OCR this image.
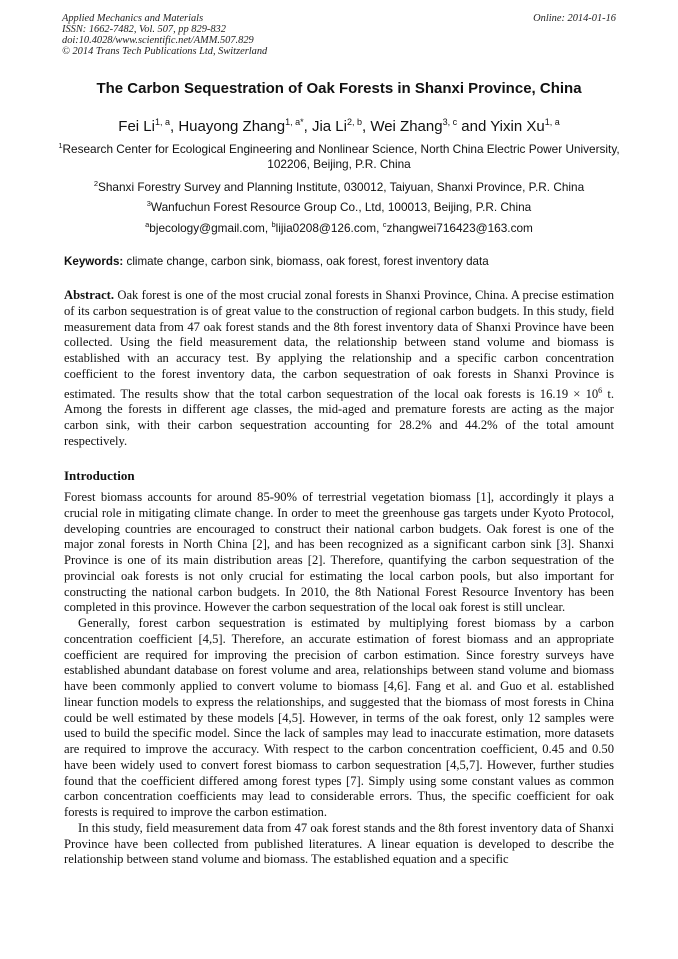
Applied Mechanics and Materials
ISSN: 1662-7482, Vol. 507, pp 829-832
doi:10.4028/www.scientific.net/AMM.507.829
© 2014 Trans Tech Publications Ltd, Switzerland
Online: 2014-01-16
The Carbon Sequestration of Oak Forests in Shanxi Province, China
Fei Li$^{1, a}$, Huayong Zhang$^{1, a*}$, Jia Li$^{2, b}$, Wei Zhang$^{3, c}$ and Yixin Xu$^{1, a}$
$^1$Research Center for Ecological Engineering and Nonlinear Science, North China Electric Power University, 102206, Beijing, P.R. China
$^2$Shanxi Forestry Survey and Planning Institute, 030012, Taiyuan, Shanxi Province, P.R. China
$^3$Wanfuchun Forest Resource Group Co., Ltd, 100013, Beijing, P.R. China
$^a$bjecology@gmail.com, $^b$lijia0208@126.com, $^c$zhangwei716423@163.com
Keywords: climate change, carbon sink, biomass, oak forest, forest inventory data

Abstract. Oak forest is one of the most crucial zonal forests in Shanxi Province, China. A precise estimation of its carbon sequestration is of great value to the construction of regional carbon budgets. In this study, field measurement data from 47 oak forest stands and the 8th forest inventory data of Shanxi Province have been collected. Using the field measurement data, the relationship between stand volume and biomass is established with an accuracy test. By applying the relationship and a specific carbon concentration coefficient to the forest inventory data, the carbon sequestration of oak forests in Shanxi Province is estimated. The results show that the total carbon sequestration of the local oak forests is $16.19 \times 10^6$ t. Among the forests in different age classes, the mid-aged and premature forests are acting as the major carbon sink, with their carbon sequestration accounting for 28.2% and 44.2% of the total amount respectively.

Introduction

Forest biomass accounts for around 85-90% of terrestrial vegetation biomass [1], accordingly it plays a crucial role in mitigating climate change. In order to meet the greenhouse gas targets under Kyoto Protocol, developing countries are encouraged to construct their national carbon budgets. Oak forest is one of the major zonal forests in North China [2], and has been recognized as a significant carbon sink [3]. Shanxi Province is one of its main distribution areas [2]. Therefore, quantifying the carbon sequestration of the provincial oak forests is not only crucial for estimating the local carbon pools, but also important for constructing the national carbon budgets. In 2010, the 8th National Forest Resource Inventory has been completed in this province. However the carbon sequestration of the local oak forest is still unclear.

Generally, forest carbon sequestration is estimated by multiplying forest biomass by a carbon concentration coefficient [4,5]. Therefore, an accurate estimation of forest biomass and an appropriate coefficient are required for improving the precision of carbon estimation. Since forestry surveys have established abundant database on forest volume and area, relationships between stand volume and biomass have been commonly applied to convert volume to biomass [4,6]. Fang et al. and Guo et al. established linear function models to express the relationships, and suggested that the biomass of most forests in China could be well estimated by these models [4,5]. However, in terms of the oak forest, only 12 samples were used to build the specific model. Since the lack of samples may lead to inaccurate estimation, more datasets are required to improve the accuracy. With respect to the carbon concentration coefficient, 0.45 and 0.50 have been widely used to convert forest biomass to carbon sequestration [4,5,7]. However, further studies found that the coefficient differed among forest types [7]. Simply using some constant values as common carbon concentration coefficients may lead to considerable errors. Thus, the specific coefficient for oak forests is required to improve the carbon estimation.

In this study, field measurement data from 47 oak forest stands and the 8th forest inventory data of Shanxi Province have been collected from published literatures. A linear equation is developed to describe the relationship between stand volume and biomass. The established equation and a specific
